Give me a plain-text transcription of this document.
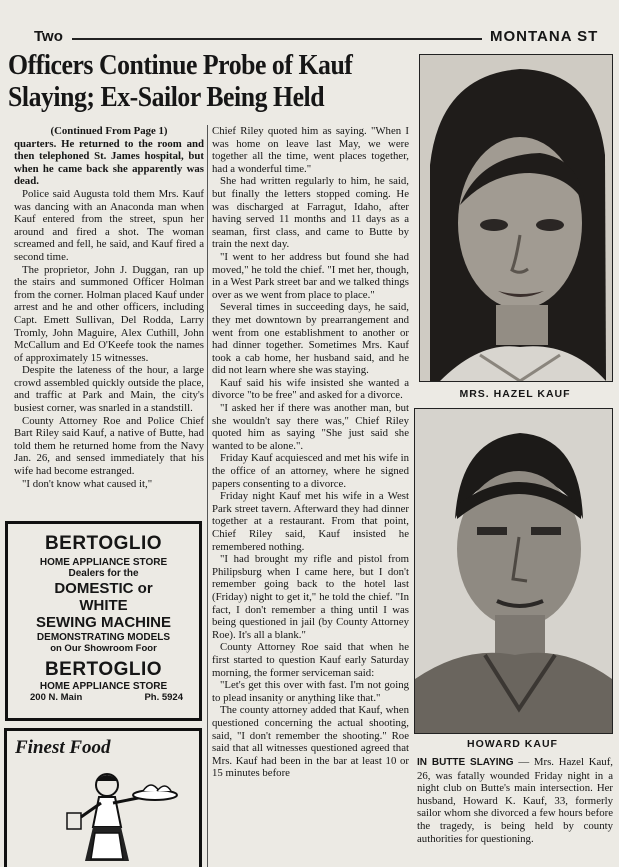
Two	MONTANA ST
Officers Continue Probe of Kauf Slaying; Ex-Sailor Being Held

(Continued From Page 1)

quarters. He returned to the room and then telephoned St. James hospital, but when he came back she apparently was dead.

Police said Augusta told them Mrs. Kauf was dancing with an Anaconda man when Kauf entered from the street, spun her around and fired a shot. The woman screamed and fell, he said, and Kauf fired a second time.

The proprietor, John J. Duggan, ran up the stairs and summoned Officer Holman from the corner. Holman placed Kauf under arrest and he and other officers, including Capt. Emett Sullivan, Del Rodda, Larry Tromly, John Maguire, Alex Cuthill, John McCallum and Ed O'Keefe took the names of approximately 15 witnesses.

Despite the lateness of the hour, a large crowd assembled quickly outside the place, and traffic at Park and Main, the city's busiest corner, was snarled in a standstill.

County Attorney Roe and Police Chief Bart Riley said Kauf, a native of Butte, had told them he returned home from the Navy Jan. 26, and sensed immediately that his wife had become estranged.

"I don't know what caused it,"

Chief Riley quoted him as saying. "When I was home on leave last May, we were together all the time, went places together, had a wonderful time."

She had written regularly to him, he said, but finally the letters stopped coming. He was discharged at Farragut, Idaho, after having served 11 months and 11 days as a seaman, first class, and came to Butte by train the next day.

"I went to her address but found she had moved," he told the chief. "I met her, though, in a West Park street bar and we talked things over as we went from place to place."

Several times in succeeding days, he said, they met downtown by prearrangement and went from one establishment to another or had dinner together. Sometimes Mrs. Kauf took a cab home, her husband said, and he did not learn where she was staying.

Kauf said his wife insisted she wanted a divorce "to be free" and asked for a divorce.

"I asked her if there was another man, but she wouldn't say there was," Chief Riley quoted him as saying "She just said she wanted to be alone.".

Friday Kauf acquiesced and met his wife in the office of an attorney, where he signed papers consenting to a divorce.

Friday night Kauf met his wife in a West Park street tavern. Afterward they had dinner together at a restaurant. From that point, Chief Riley said, Kauf insisted he remembered nothing.

"I had brought my rifle and pistol from Philipsburg when I came here, but I don't remember going back to the hotel last (Friday) night to get it," he told the chief. "In fact, I don't remember a thing until I was being questioned in jail (by County Attorney Roe). It's all a blank."

County Attorney Roe said that when he first started to question Kauf early Saturday morning, the former serviceman said:

"Let's get this over with fast. I'm not going to plead insanity or anything like that."

The county attorney added that Kauf, when questioned concerning the actual shooting, said, "I don't remember the shooting." Roe said that all witnesses questioned agreed that Mrs. Kauf had been in the bar at least 10 or 15 minutes before

MRS. HAZEL KAUF
HOWARD KAUF
IN BUTTE SLAYING — Mrs. Hazel Kauf, 26, was fatally wounded Friday night in a night club on Butte's main intersection. Her husband, Howard K. Kauf, 33, formerly sailor whom she divorced a few hours before the tragedy, is being held by county authorities for questioning.
BERTOGLIO
HOME APPLIANCE STORE
Dealers for the
DOMESTIC or
WHITE
SEWING MACHINE
DEMONSTRATING MODELS
on Our Showroom Foor
BERTOGLIO
HOME APPLIANCE STORE
200 N. Main	Ph. 5924
Finest Food
